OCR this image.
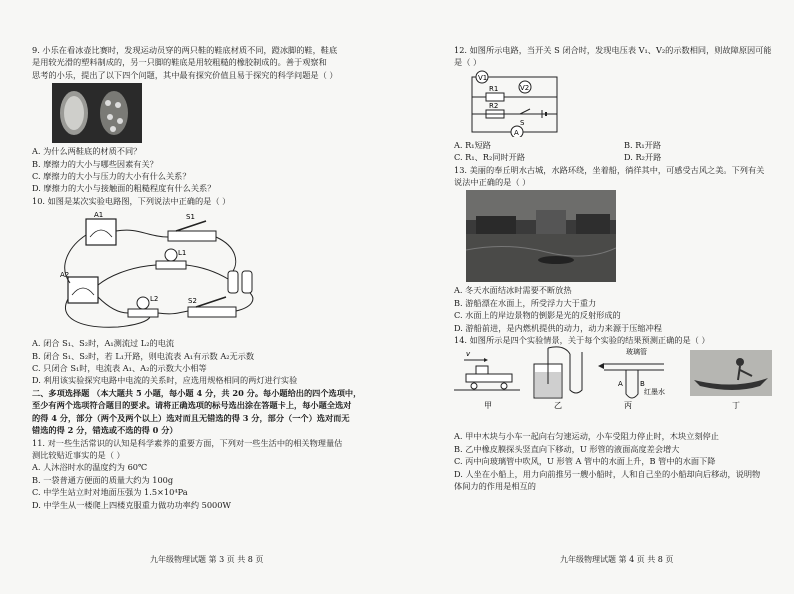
9. 小乐在看冰壶比赛时，发现运动员穿的两只鞋的鞋底材质不同，蹬冰脚的鞋，鞋底
是用较光滑的塑料制成的，另一只脚的鞋底是用较粗糙的橡胶制成的。善于观察和
思考的小乐，提出了以下四个问题，其中最有探究价值且易于探究的科学问题是（ ）
A. 为什么两鞋底的材质不同？
B. 摩擦力的大小与哪些因素有关？
C. 摩擦力的大小与压力的大小有什么关系？
D. 摩擦力的大小与接触面的粗糙程度有什么关系？
10. 如图是某次实验电路图，下列说法中正确的是（ ）
A1	S1
L1
A2
L2	S2
A. 闭合 S₁、S₂时，A₁测流过 L₂的电流
B. 闭合 S₁、S₂时，若 L₁开路，则电流表 A₁有示数 A₂无示数
C. 只闭合 S₁时，电流表 A₁、A₂的示数大小相等
D. 利用该实验探究电路中电流的关系时，应选用规格相同的两灯进行实验
二、多项选择题 （本大题共 5 小题，每小题 4 分，共 20 分。每小题给出的四个选项中，
至少有两个选项符合题目的要求。请将正确选项的标号选出涂在答题卡上，每小题全选对
的得 4 分，部分（两个及两个以上）选对而且无错选的得 3 分，部分（一个）选对而无
错选的得 2 分，错选或不选的得 0 分）
11. 对一些生活常识的认知是科学素养的重要方面，下列对一些生活中的相关物理量估
测比较贴近事实的是（ ）
A. 人沐浴时水的温度约为 60℃
B. 一袋普通方便面的质量大约为 100g
C. 中学生站立时对地面压强为 1.5×10⁴Pa
D. 中学生从一楼爬上四楼克服重力做功功率约 5000W
九年级物理试题 第 3 页 共 8 页
12. 如图所示电路，当开关 S 闭合时，发现电压表 V₁、V₂的示数相同，则故障原因可能
是（ ）
V1
V2
R1
R2
S
A
A. R₁短路	B. R₁开路
C. R₁、R₂同时开路	D. R₂开路
13. 美丽的奉丘明水古城，水路环绕，坐着船，徜徉其中，可感受古风之美。下列有关
说法中正确的是（ ）
A. 冬天水面结冰时需要不断放热
B. 游船漂在水面上，所受浮力大于重力
C. 水面上的岸边景物的倒影是光的反射形成的
D. 游船前进，是内燃机提供的动力，动力来源于压缩冲程
14. 如图所示是四个实验情景，关于每个实验的结果预测正确的是（ ）
v
甲	乙
玻璃管
A B
红墨水
丙	丁
A. 甲中木块与小车一起向右匀速运动，小车受阻力停止时，木块立刻停止
B. 乙中橡皮膜探头竖直向下移动，U 形管的液面高度差会增大
C. 丙中向玻璃管中吹风，U 形管 A 管中的水面上升，B 管中的水面下降
D. 人坐在小船上，用力向前推另一艘小船时，人和自己坐的小船却向后移动，说明物
体间力的作用是相互的
九年级物理试题 第 4 页 共 8 页
